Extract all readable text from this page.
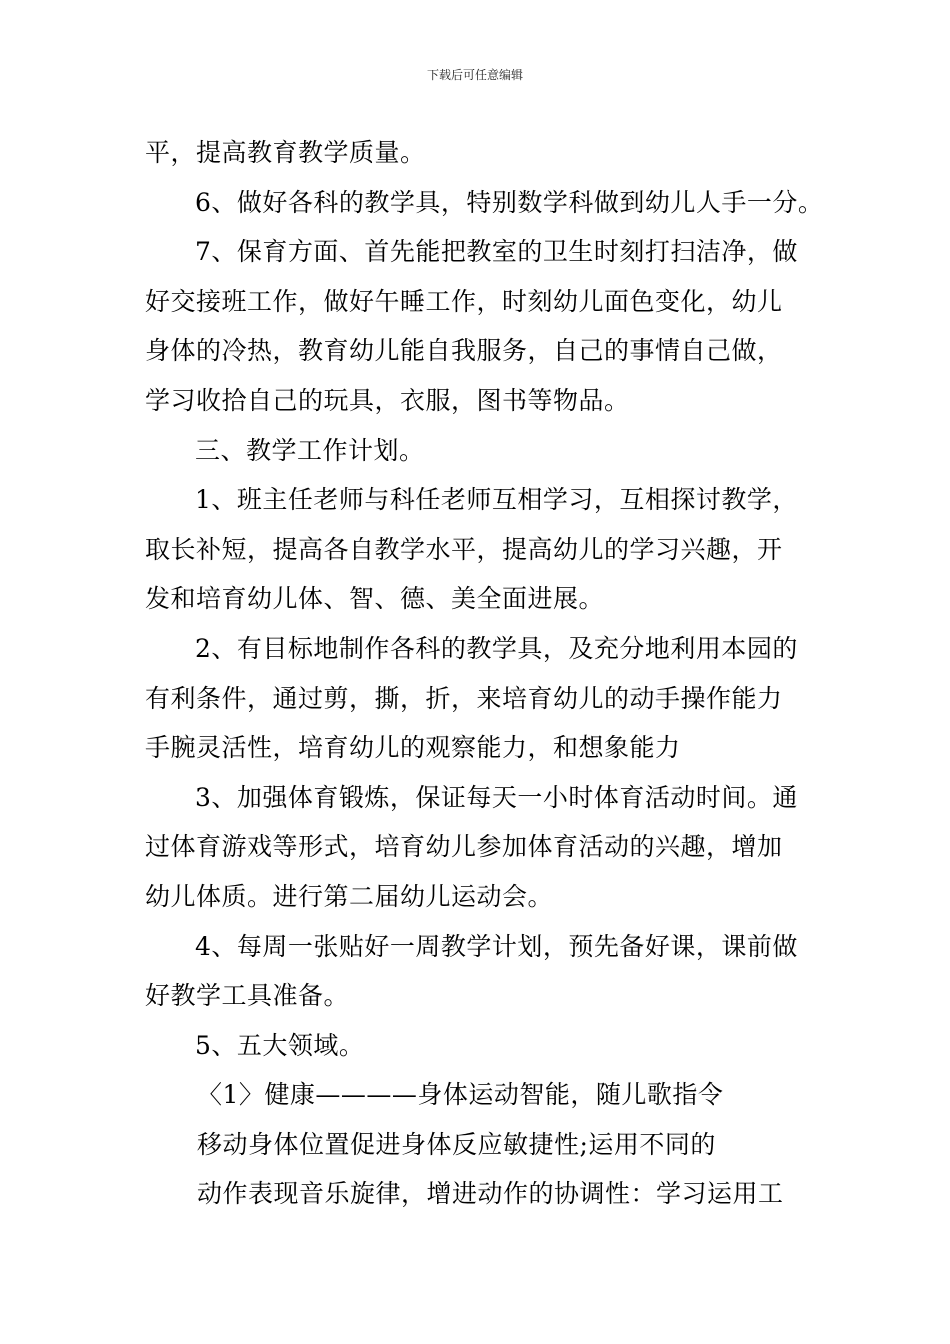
下载后可任意编辑
平，提高教育教学质量。
6、做好各科的教学具，特别数学科做到幼儿人手一分。
7、保育方面、首先能把教室的卫生时刻打扫洁净，做
好交接班工作，做好午睡工作，时刻幼儿面色变化，幼儿
身体的冷热，教育幼儿能自我服务，自己的事情自己做，
学习收拾自己的玩具，衣服，图书等物品。
三、教学工作计划。
1、班主任老师与科任老师互相学习，互相探讨教学，
取长补短，提高各自教学水平，提高幼儿的学习兴趣，开
发和培育幼儿体、智、德、美全面进展。
2、有目标地制作各科的教学具，及充分地利用本园的
有利条件，通过剪，撕，折，来培育幼儿的动手操作能力
手腕灵活性，培育幼儿的观察能力，和想象能力
3、加强体育锻炼，保证每天一小时体育活动时间。通
过体育游戏等形式，培育幼儿参加体育活动的兴趣，增加
幼儿体质。进行第二届幼儿运动会。
4、每周一张贴好一周教学计划，预先备好课，课前做
好教学工具准备。
5、五大领域。
〈1〉健康————身体运动智能，随儿歌指令
移动身体位置促进身体反应敏捷性;运用不同的
动作表现音乐旋律，增进动作的协调性：学习运用工
